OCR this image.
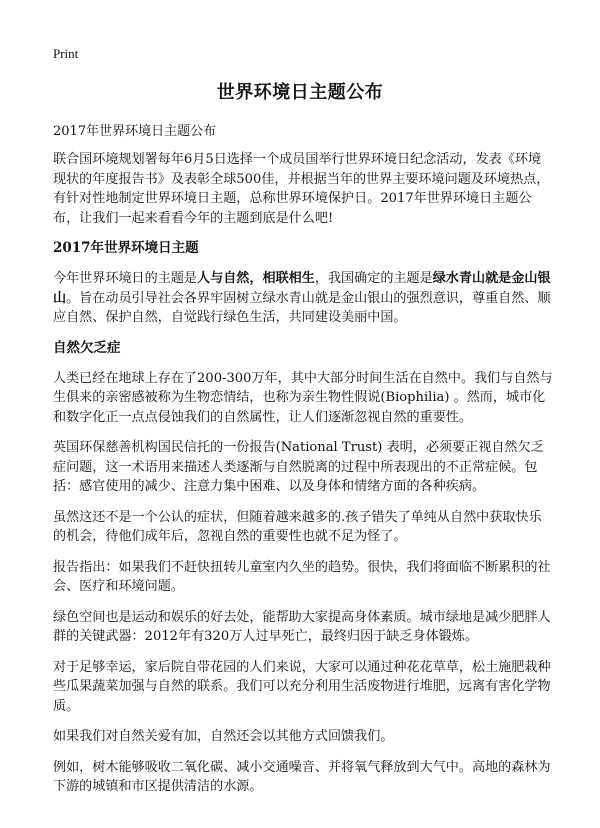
Print
世界环境日主题公布
2017年世界环境日主题公布

联合国环境规划署每年6月5日选择一个成员国举行世界环境日纪念活动，发表《环境现状的年度报告书》及表彰全球500佳，并根据当年的世界主要环境问题及环境热点，有针对性地制定世界环境日主题，总称世界环境保护日。2017年世界环境日主题公布，让我们一起来看看今年的主题到底是什么吧!

2017年世界环境日主题

今年世界环境日的主题是人与自然，相联相生，我国确定的主题是绿水青山就是金山银山。旨在动员引导社会各界牢固树立绿水青山就是金山银山的强烈意识，尊重自然、顺应自然、保护自然，自觉践行绿色生活，共同建设美丽中国。

自然欠乏症

人类已经在地球上存在了200-300万年，其中大部分时间生活在自然中。我们与自然与生俱来的亲密感被称为生物恋情结，也称为亲生物性假说(Biophilia) 。然而，城市化和数字化正一点点侵蚀我们的自然属性，让人们逐渐忽视自然的重要性。

英国环保慈善机构国民信托的一份报告(National Trust) 表明，必须要正视自然欠乏症问题，这一术语用来描述人类逐渐与自然脱离的过程中所表现出的不正常症候。包括：感官使用的减少、注意力集中困难、以及身体和情绪方面的各种疾病。

虽然这还不是一个公认的症状，但随着越来越多的.孩子错失了单纯从自然中获取快乐的机会，待他们成年后，忽视自然的重要性也就不足为怪了。

报告指出：如果我们不赶快扭转儿童室内久坐的趋势。很快，我们将面临不断累积的社会、医疗和环境问题。

绿色空间也是运动和娱乐的好去处，能帮助大家提高身体素质。城市绿地是减少肥胖人群的关键武器：2012年有320万人过早死亡，最终归因于缺乏身体锻炼。

对于足够幸运，家后院自带花园的人们来说，大家可以通过种花花草草，松土施肥栽种些瓜果蔬菜加强与自然的联系。我们可以充分利用生活废物进行堆肥，远离有害化学物质。

如果我们对自然关爱有加，自然还会以其他方式回馈我们。

例如，树木能够吸收二氧化碳、减小交通噪音、并将氧气释放到大气中。高地的森林为下游的城镇和市区提供清洁的水源。
